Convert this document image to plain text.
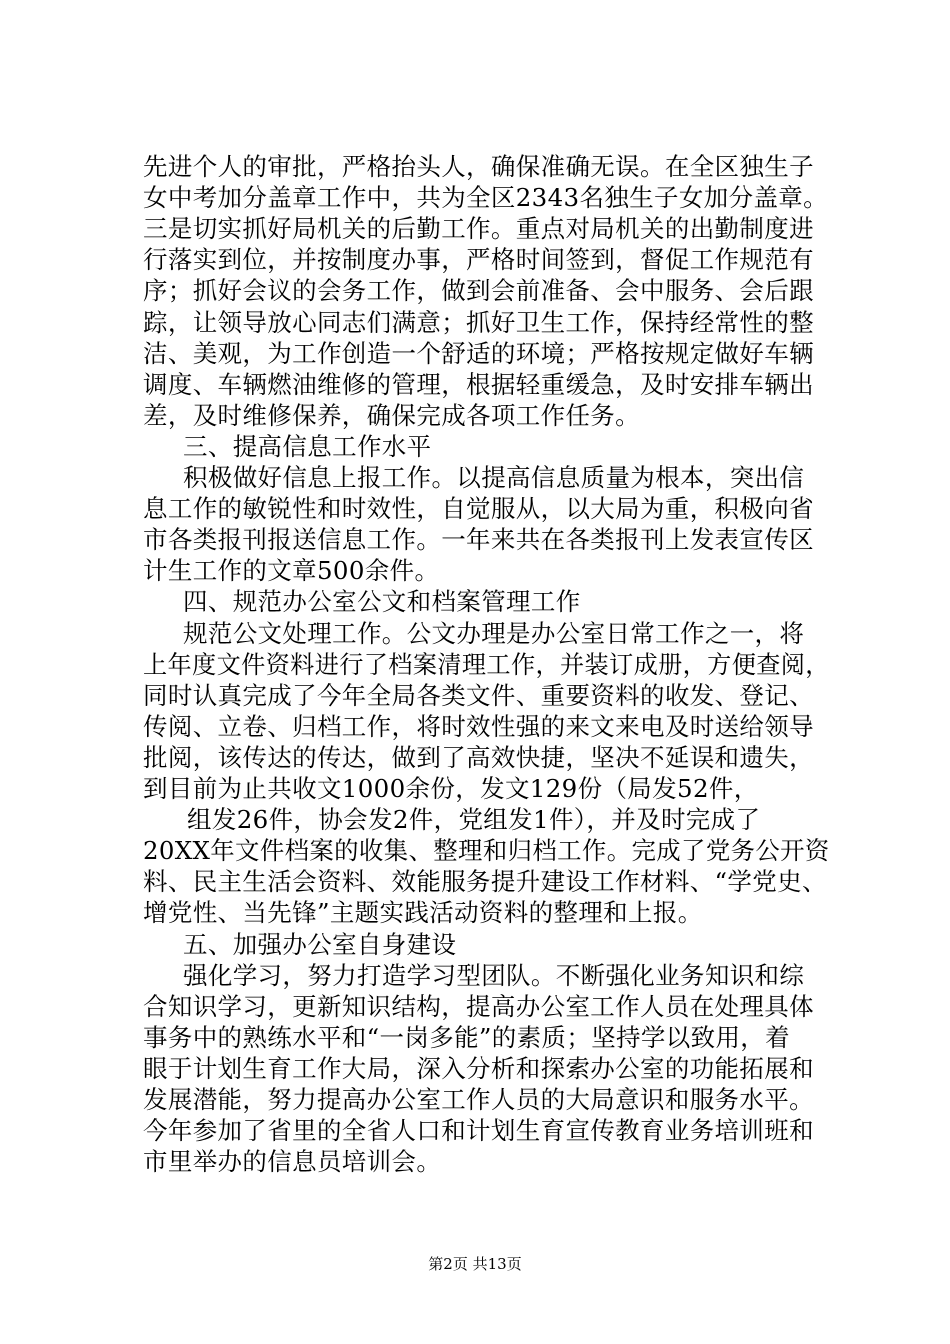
先进个人的审批，严格抬头人，确保准确无误。在全区独生子
女中考加分盖章工作中，共为全区2343名独生子女加分盖章。
三是切实抓好局机关的后勤工作。重点对局机关的出勤制度进
行落实到位，并按制度办事，严格时间签到，督促工作规范有
序；抓好会议的会务工作，做到会前准备、会中服务、会后跟
踪，让领导放心同志们满意；抓好卫生工作，保持经常性的整
洁、美观，为工作创造一个舒适的环境；严格按规定做好车辆
调度、车辆燃油维修的管理，根据轻重缓急，及时安排车辆出
差，及时维修保养，确保完成各项工作任务。
三、提高信息工作水平
积极做好信息上报工作。以提高信息质量为根本，突出信
息工作的敏锐性和时效性，自觉服从，以大局为重，积极向省
市各类报刊报送信息工作。一年来共在各类报刊上发表宣传区
计生工作的文章500余件。
四、规范办公室公文和档案管理工作
规范公文处理工作。公文办理是办公室日常工作之一，将
上年度文件资料进行了档案清理工作，并装订成册，方便查阅，
同时认真完成了今年全局各类文件、重要资料的收发、登记、
传阅、立卷、归档工作，将时效性强的来文来电及时送给领导
批阅，该传达的传达，做到了高效快捷，坚决不延误和遗失，
到目前为止共收文1000余份，发文129份（局发52件，
组发26件，协会发2件，党组发1件），并及时完成了
20XX年文件档案的收集、整理和归档工作。完成了党务公开资
料、民主生活会资料、效能服务提升建设工作材料、“学党史、
增党性、当先锋”主题实践活动资料的整理和上报。
五、加强办公室自身建设
强化学习，努力打造学习型团队。不断强化业务知识和综
合知识学习，更新知识结构，提高办公室工作人员在处理具体
事务中的熟练水平和“一岗多能”的素质；坚持学以致用，着
眼于计划生育工作大局，深入分析和探索办公室的功能拓展和
发展潜能，努力提高办公室工作人员的大局意识和服务水平。
今年参加了省里的全省人口和计划生育宣传教育业务培训班和
市里举办的信息员培训会。
第2页 共13页
